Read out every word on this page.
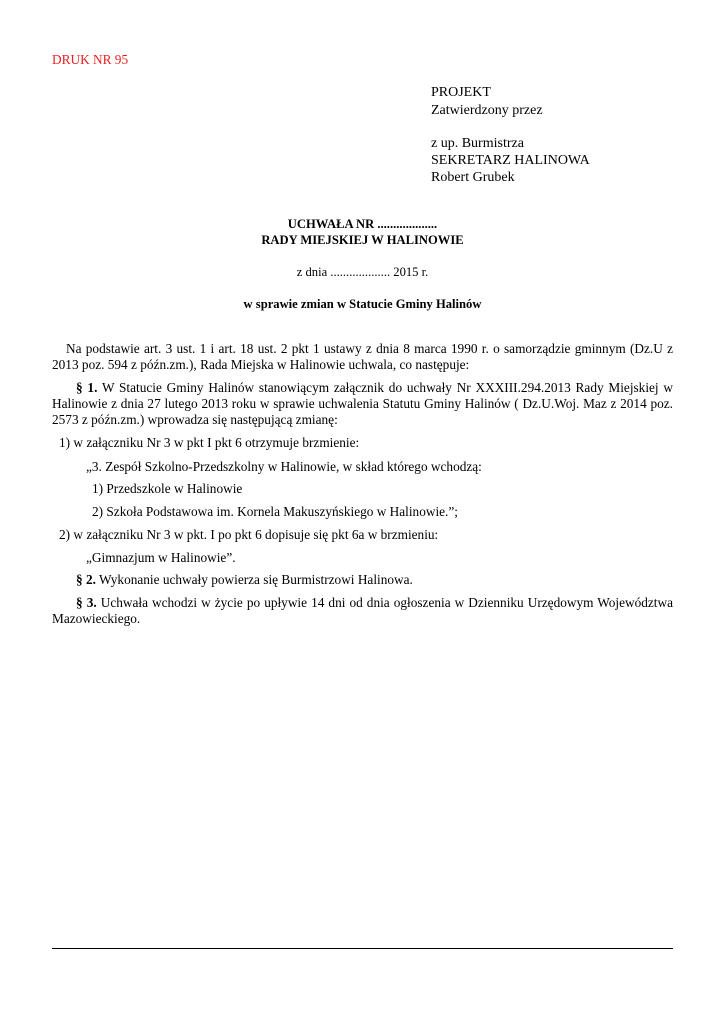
DRUK NR 95
PROJEKT
Zatwierdzony przez
z up. Burmistrza
SEKRETARZ HALINOWA
Robert Grubek
UCHWAŁA NR ...................
RADY MIEJSKIEJ W HALINOWIE
z dnia ................... 2015 r.
w sprawie zmian w Statucie Gminy Halinów
Na podstawie art. 3 ust. 1 i art. 18 ust. 2 pkt 1 ustawy z dnia 8 marca 1990 r. o samorządzie gminnym (Dz.U z 2013 poz. 594 z późn.zm.), Rada Miejska w Halinowie uchwala, co następuje:
§ 1. W Statucie Gminy Halinów stanowiącym załącznik do uchwały Nr XXXIII.294.2013 Rady Miejskiej w Halinowie z dnia 27 lutego 2013 roku w sprawie uchwalenia Statutu Gminy Halinów ( Dz.U.Woj. Maz z 2014 poz. 2573 z późn.zm.) wprowadza się następującą zmianę:
1) w załączniku Nr 3 w pkt I pkt 6 otrzymuje brzmienie:
„3. Zespół Szkolno-Przedszkolny w Halinowie, w skład którego wchodzą:
1) Przedszkole w Halinowie
2) Szkoła Podstawowa im. Kornela Makuszyńskiego w Halinowie.”;
2) w załączniku Nr 3 w pkt. I po pkt 6 dopisuje się pkt 6a w brzmieniu:
„Gimnazjum w Halinowie”.
§ 2. Wykonanie uchwały powierza się Burmistrzowi Halinowa.
§ 3. Uchwała wchodzi w życie po upływie 14 dni od dnia ogłoszenia w Dzienniku Urzędowym Województwa Mazowieckiego.
